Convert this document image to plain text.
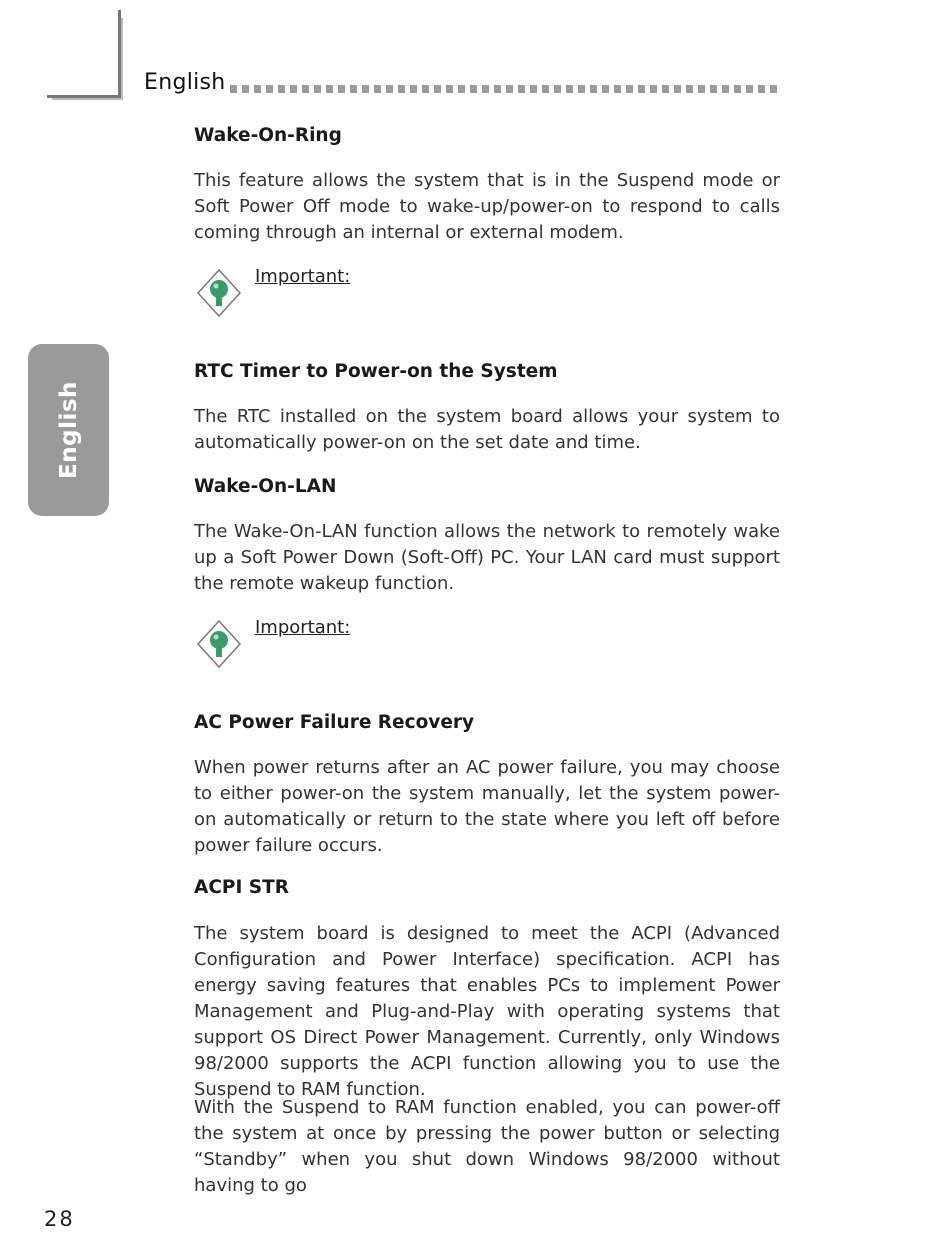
English
English
Wake-On-Ring

This feature allows the system that is in the Suspend mode or Soft Power Off mode to wake-up/power-on to respond to calls coming through an internal or external modem.

Important:
RTC Timer to Power-on the System

The RTC installed on the system board allows your system to automatically power-on on the set date and time.

Wake-On-LAN

The Wake-On-LAN function allows the network to remotely wake up a Soft Power Down (Soft-Off) PC. Your LAN card must support the remote wakeup function.

Important:
AC Power Failure Recovery

When power returns after an AC power failure, you may choose to either power-on the system manually, let the system power-on automatically or return to the state where you left off before power failure occurs.

ACPI STR

The system board is designed to meet the ACPI (Advanced Configuration and Power Interface) specification. ACPI has energy saving features that enables PCs to implement Power Management and Plug-and-Play with operating systems that support OS Direct Power Management. Currently, only Windows 98/2000 supports the ACPI function allowing you to use the Suspend to RAM function.

With the Suspend to RAM function enabled, you can power-off the system at once by pressing the power button or selecting “Standby” when you shut down Windows 98/2000 without having to go

28
